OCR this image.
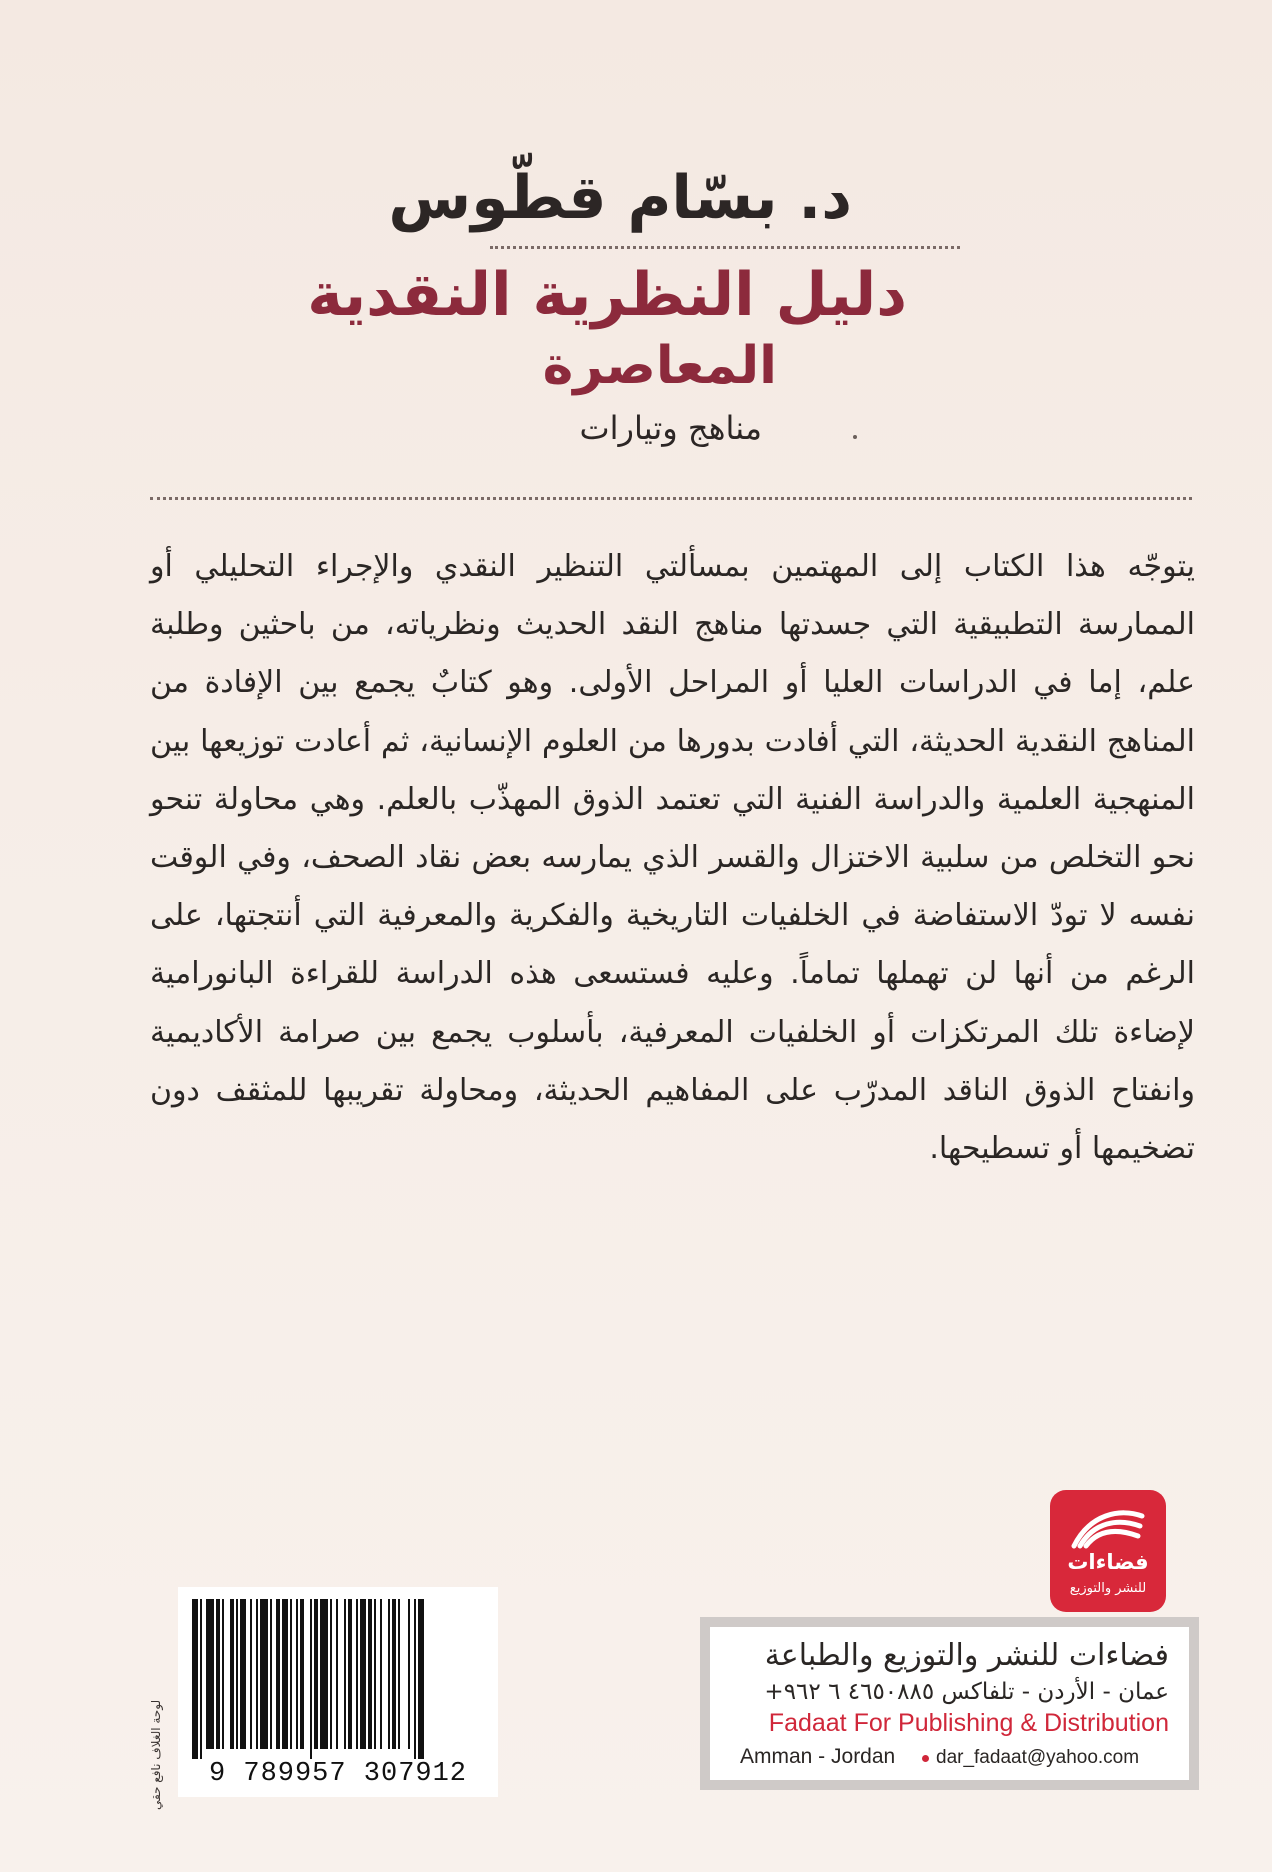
د. بسّام قطّوس
دليل النظرية النقدية
المعاصرة
مناهج وتيارات

يتوجّه هذا الكتاب إلى المهتمين بمسألتي التنظير النقدي والإجراء التحليلي أو الممارسة التطبيقية التي جسدتها مناهج النقد الحديث ونظرياته، من باحثين وطلبة علم، إما في الدراسات العليا أو المراحل الأولى. وهو كتابٌ يجمع بين الإفادة من المناهج النقدية الحديثة، التي أفادت بدورها من العلوم الإنسانية، ثم أعادت توزيعها بين المنهجية العلمية والدراسة الفنية التي تعتمد الذوق المهذّب بالعلم. وهي محاولة تنحو نحو التخلص من سلبية الاختزال والقسر الذي يمارسه بعض نقاد الصحف، وفي الوقت نفسه لا تودّ الاستفاضة في الخلفيات التاريخية والفكرية والمعرفية التي أنتجتها، على الرغم من أنها لن تهملها تماماً. وعليه فستسعى هذه الدراسة للقراءة البانورامية لإضاءة تلك المرتكزات أو الخلفيات المعرفية، بأسلوب يجمع بين صرامة الأكاديمية وانفتاح الذوق الناقد المدرّب على المفاهيم الحديثة، ومحاولة تقريبها للمثقف دون تضخيمها أو تسطيحها.

فضاءات
للنشر والتوزيع
فضاءات للنشر والتوزيع والطباعة
عمان - الأردن - تلفاكس ٤٦٥٠٨٨٥ ٦ ٩٦٢+
Fadaat For Publishing & Distribution
Amman - Jordan dar_fadaat@yahoo.com
9 789957 307912
لوحة الغلاف نافع حقي
